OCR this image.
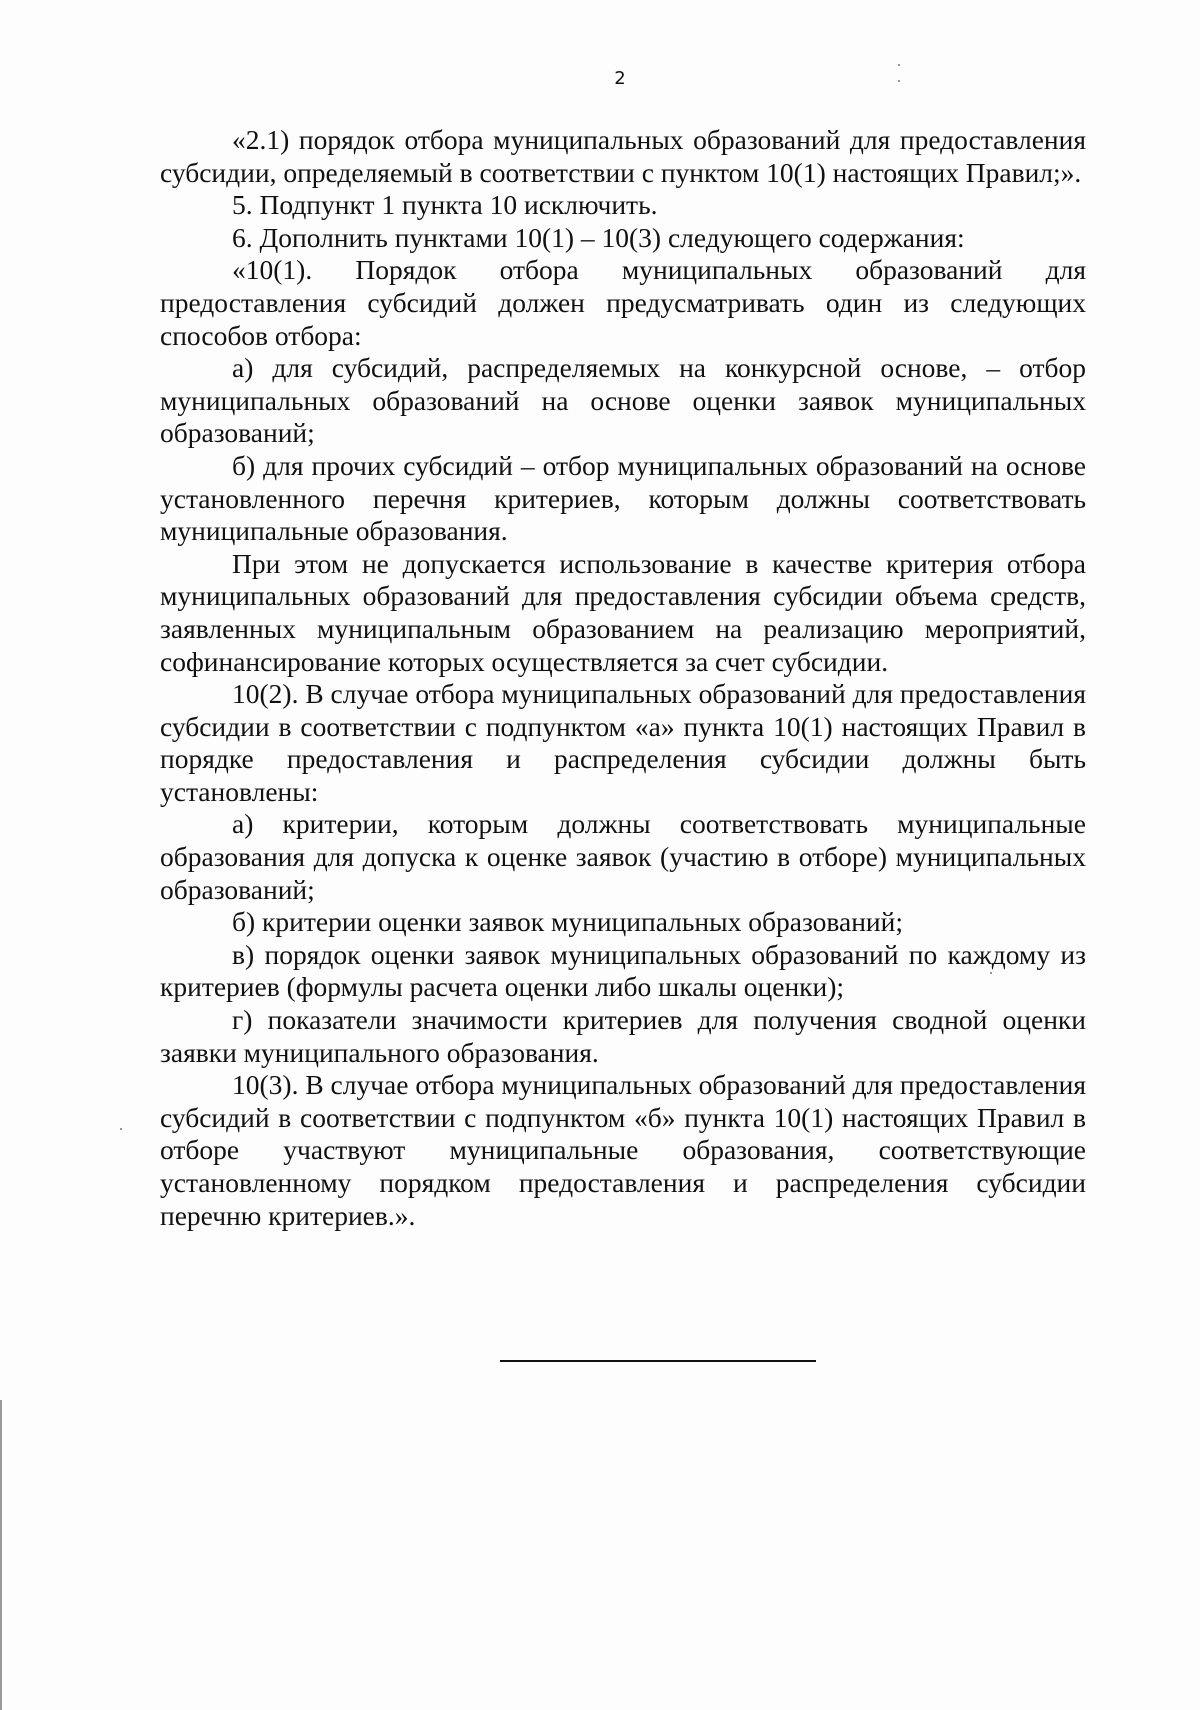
2

«2.1) порядок отбора муниципальных образований для предоставления субсидии, определяемый в соответствии с пунктом 10(1) настоящих Правил;».

5. Подпункт 1 пункта 10 исключить.

6. Дополнить пунктами 10(1) – 10(3) следующего содержания:

«10(1). Порядок отбора муниципальных образований для предоставления субсидий должен предусматривать один из следующих способов отбора:

а) для субсидий, распределяемых на конкурсной основе, – отбор муниципальных образований на основе оценки заявок муниципальных образований;

б) для прочих субсидий – отбор муниципальных образований на основе установленного перечня критериев, которым должны соответствовать муниципальные образования.

При этом не допускается использование в качестве критерия отбора муниципальных образований для предоставления субсидии объема средств, заявленных муниципальным образованием на реализацию мероприятий, софинансирование которых осуществляется за счет субсидии.

10(2). В случае отбора муниципальных образований для предоставления субсидии в соответствии с подпунктом «а» пункта 10(1) настоящих Правил в порядке предоставления и распределения субсидии должны быть установлены:

а) критерии, которым должны соответствовать муниципальные образования для допуска к оценке заявок (участию в отборе) муниципальных образований;

б) критерии оценки заявок муниципальных образований;

в) порядок оценки заявок муниципальных образований по каждому из критериев (формулы расчета оценки либо шкалы оценки);

г) показатели значимости критериев для получения сводной оценки заявки муниципального образования.

10(3). В случае отбора муниципальных образований для предоставления субсидий в соответствии с подпунктом «б» пункта 10(1) настоящих Правил в отборе участвуют муниципальные образования, соответствующие установленному порядком предоставления и распределения субсидии перечню критериев.».
